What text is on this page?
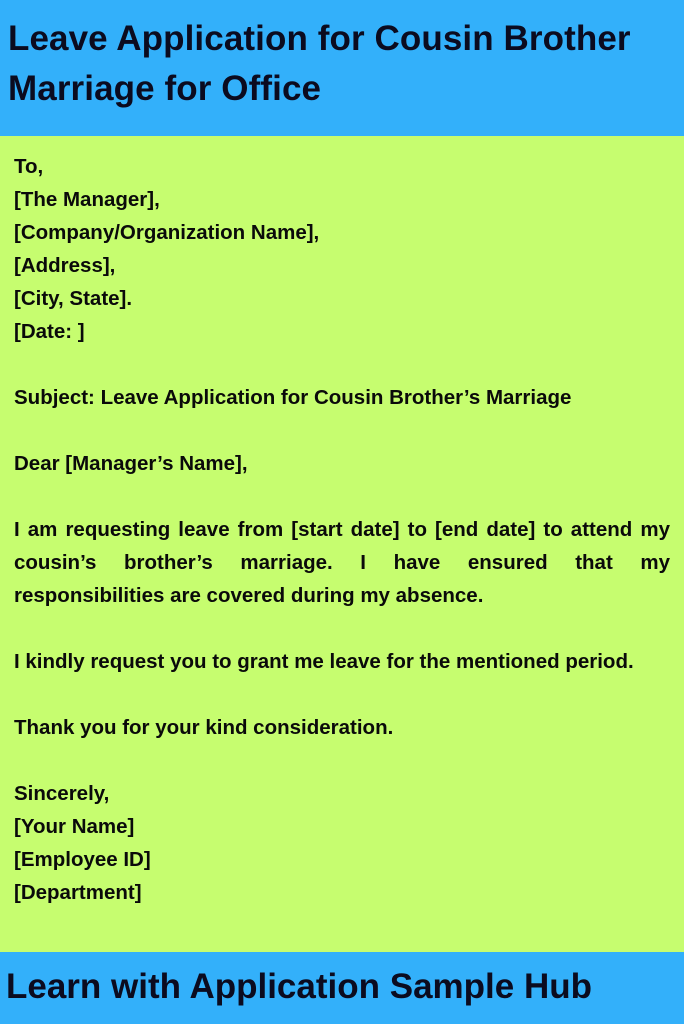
Leave Application for Cousin Brother
Marriage for Office
To,
[The Manager],
[Company/Organization Name],
[Address],
[City, State].
[Date: ]
Subject: Leave Application for Cousin Brother’s Marriage
Dear [Manager’s Name],

I am requesting leave from [start date] to [end date] to attend my cousin’s brother’s marriage. I have ensured that my responsibilities are covered during my absence.

I kindly request you to grant me leave for the mentioned period.

Thank you for your kind consideration.
Sincerely,
[Your Name]
[Employee ID]
[Department]

Learn with Application Sample Hub
